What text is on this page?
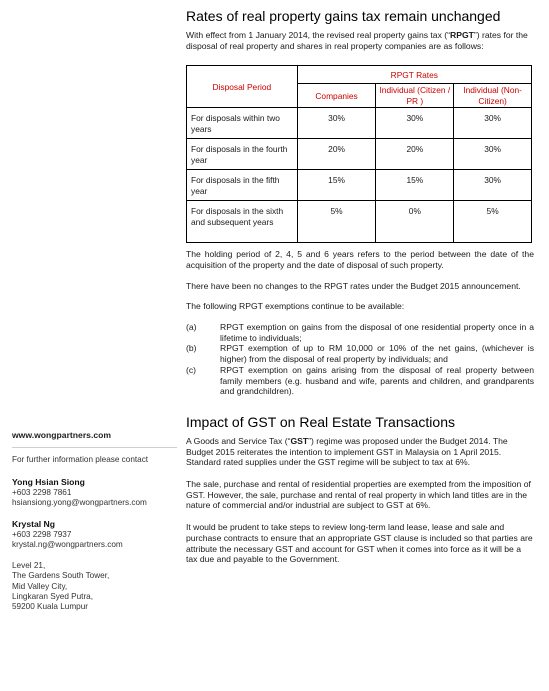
www.wongpartners.com
For further information please contact
Yong Hsian Siong
+603 2298 7861
hsiansiong.yong@wongpartners.com
Krystal Ng
+603 2298 7937
krystal.ng@wongpartners.com
Level 21,
The Gardens South Tower,
Mid Valley City,
Lingkaran Syed Putra,
59200 Kuala Lumpur
Rates of real property gains tax remain unchanged

With effect from 1 January 2014, the revised real property gains tax (“RPGT”) rates for the disposal of real property and shares in real property companies are as follows:

Disposal Period	RPGT Rates		
	Companies	Individual (Citizen / PR )	Individual (Non-Citizen)
For disposals within two years	30%	30%	30%
For disposals in the fourth year	20%	20%	30%
For disposals in the fifth year	15%	15%	30%
For disposals in the sixth and subsequent years	5%	0%	5%

The holding period of 2, 4, 5 and 6 years refers to the period between the date of the acquisition of the property and the date of disposal of such property.

There have been no changes to the RPGT rates under the Budget 2015 announcement.

The following RPGT exemptions continue to be available:

(a)	RPGT exemption on gains from the disposal of one residential property once in a lifetime to individuals;
(b)	RPGT exemption of up to RM 10,000 or 10% of the net gains, (whichever is higher) from the disposal of real property by individuals; and
(c)	RPGT exemption on gains arising from the disposal of real property between family members (e.g. husband and wife, parents and children, and grandparents and grandchildren).
Impact of GST on Real Estate Transactions

A Goods and Service Tax (“GST”) regime was proposed under the Budget 2014. The Budget 2015 reiterates the intention to implement GST in Malaysia on 1 April 2015. Standard rated supplies under the GST regime will be subject to tax at 6%.

The sale, purchase and rental of residential properties are exempted from the imposition of GST. However, the sale, purchase and rental of real property in which land titles are in the nature of commercial and/or industrial are subject to GST at 6%.

It would be prudent to take steps to review long-term land lease, lease and sale and purchase contracts to ensure that an appropriate GST clause is included so that parties are attribute the necessary GST and account for GST when it comes into force as it will be a tax due and payable to the Government.
